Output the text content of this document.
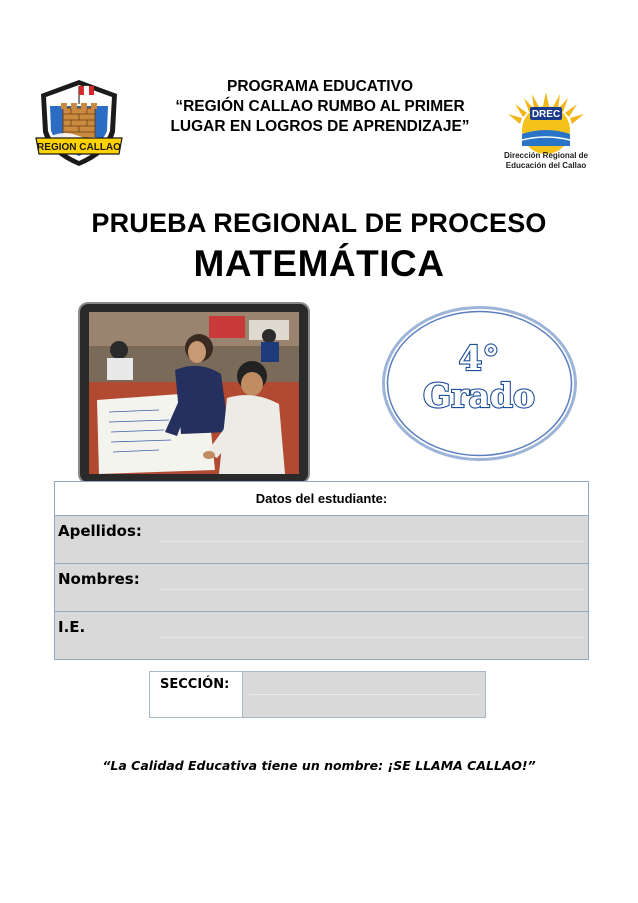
REGION CALLAO
PROGRAMA EDUCATIVO
“REGIÓN CALLAO RUMBO AL PRIMER
LUGAR EN LOGROS DE APRENDIZAJE”
DREC
Dirección Regional de
Educación del Callao
PRUEBA REGIONAL DE PROCESO
MATEMÁTICA
4°
Grado
Datos del estudiante:
Apellidos:
Nombres:
I.E.
SECCIÓN:
“La Calidad Educativa tiene un nombre: ¡SE LLAMA CALLAO!”
